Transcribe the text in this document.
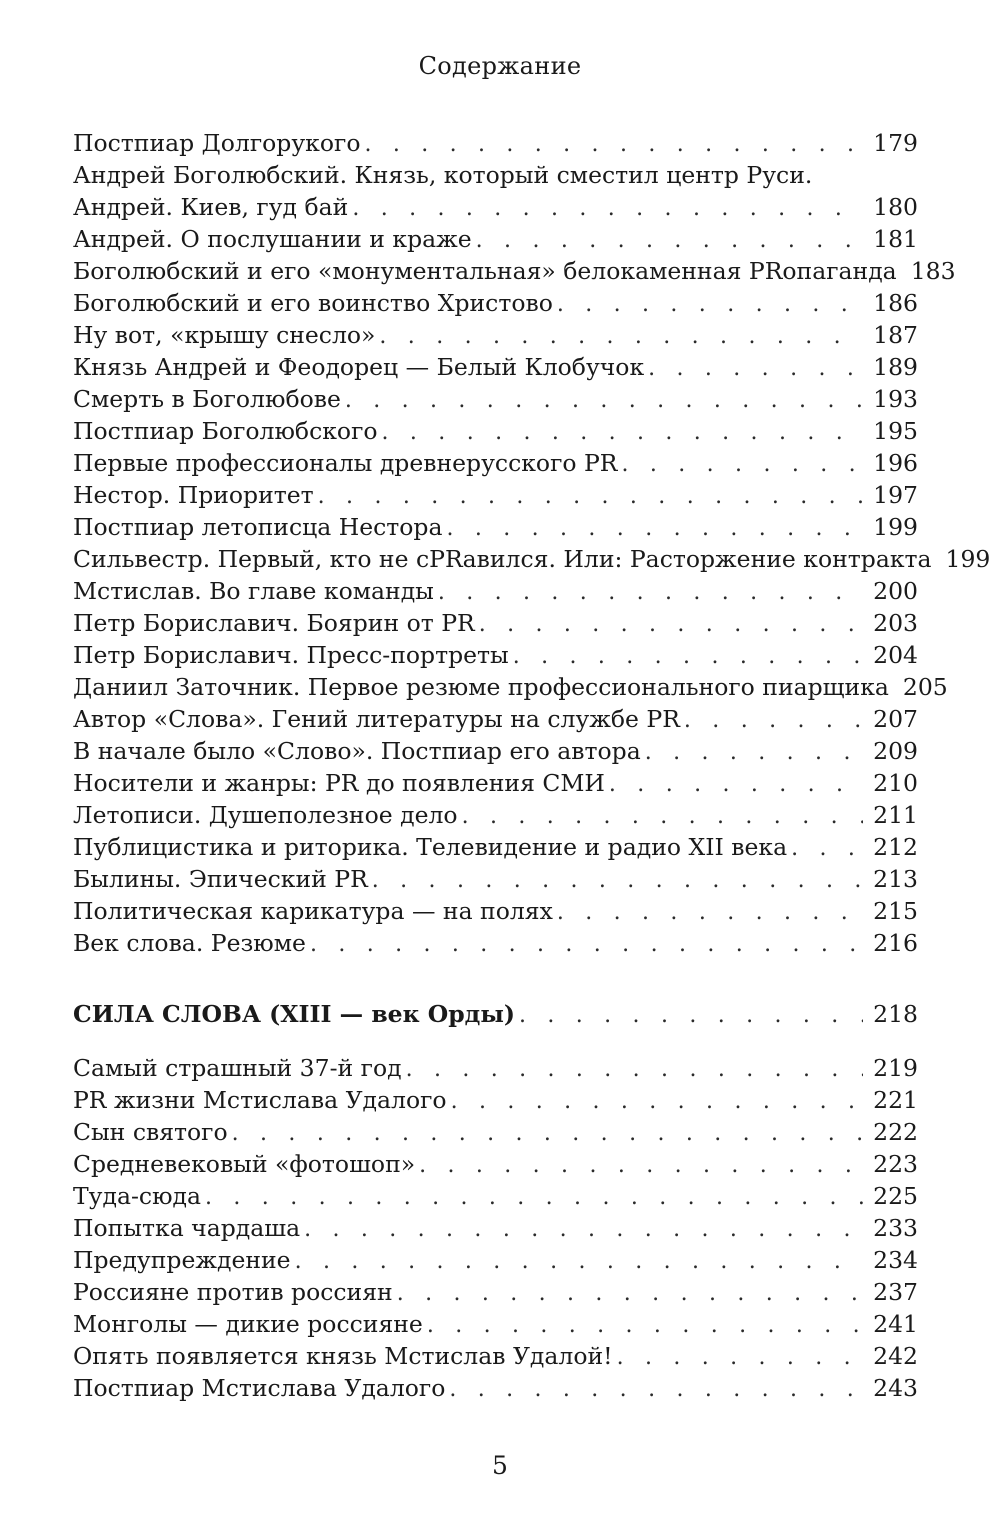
Содержание
Постпиар Долгорукого . . .	179
Андрей Боголюбский. Князь, который сместил центр Руси.
Андрей. Киев, гуд бай . . .	180
Андрей. О послушании и краже . . .	181
Боголюбский и его «монументальная» белокаменная PRопаганда 183
Боголюбский и его воинство Христово . . .	186
Ну вот, «крышу снесло» . . .	187
Князь Андрей и Феодорец — Белый Клобучок . . .	189
Смерть в Боголюбове . . .	193
Постпиар Боголюбского . . .	195
Первые профессионалы древнерусского PR . . .	196
Нестор. Приоритет . . .	197
Постпиар летописца Нестора . . .	199
Сильвестр. Первый, кто не сPRавился. Или: Расторжение контракта 199
Мстислав. Во главе команды . . .	200
Петр Бориславич. Боярин от PR . . .	203
Петр Бориславич. Пресс-портреты . . .	204
Даниил Заточник. Первое резюме профессионального пиарщика 205
Автор «Слова». Гений литературы на службе PR . . .	207
В начале было «Слово». Постпиар его автора . . .	209
Носители и жанры: PR до появления СМИ . . .	210
Летописи. Душеполезное дело . . .	211
Публицистика и риторика. Телевидение и радио XII века . . .	212
Былины. Эпический PR . . .	213
Политическая карикатура — на полях . . .	215
Век слова. Резюме . . .	216
СИЛА СЛОВА (XIII — век Орды) . . .	218
Самый страшный 37-й год . . .	219
PR жизни Мстислава Удалого . . .	221
Сын святого . . .	222
Средневековый «фотошоп» . . .	223
Туда-сюда . . .	225
Попытка чардаша . . .	233
Предупреждение . . .	234
Россияне против россиян . . .	237
Монголы — дикие россияне . . .	241
Опять появляется князь Мстислав Удалой! . . .	242
Постпиар Мстислава Удалого . . .	243
5
